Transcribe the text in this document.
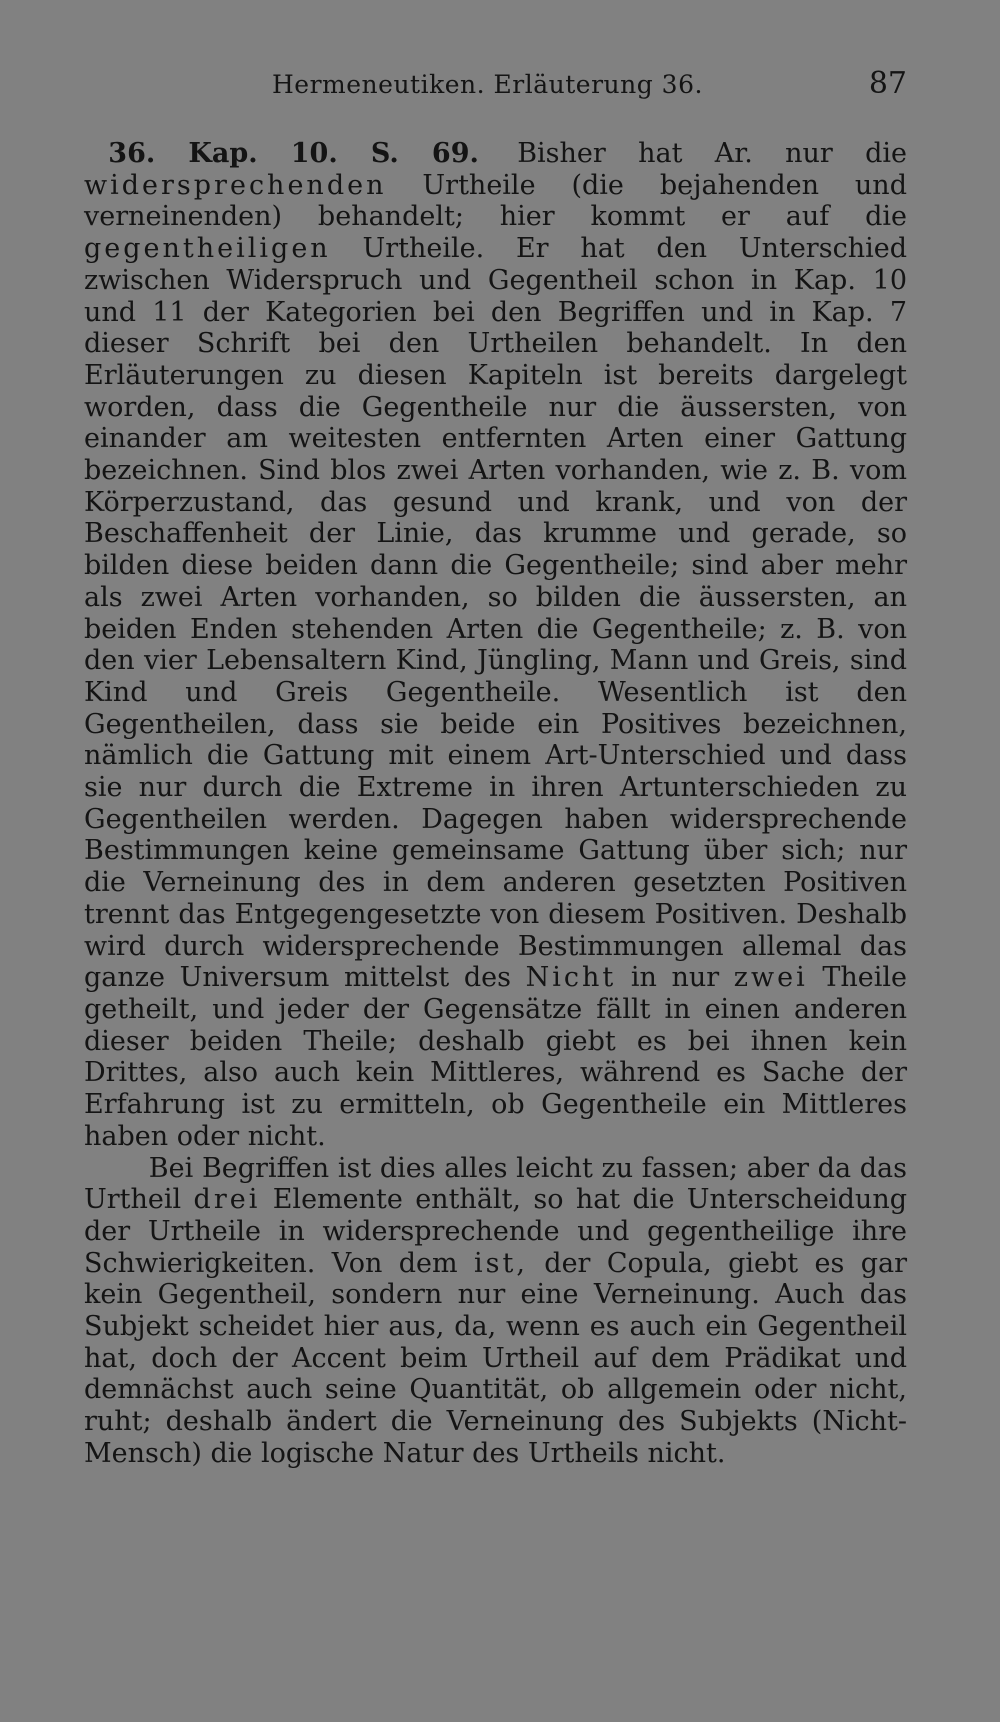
Hermeneutiken. Erläuterung 36.	87

36. Kap. 10. S. 69. Bisher hat Ar. nur die widersprechenden Urtheile (die bejahenden und verneinenden) behandelt; hier kommt er auf die gegentheiligen Urtheile. Er hat den Unterschied zwischen Widerspruch und Gegentheil schon in Kap. 10 und 11 der Kategorien bei den Begriffen und in Kap. 7 dieser Schrift bei den Urtheilen behandelt. In den Erläuterungen zu diesen Kapiteln ist bereits dargelegt worden, dass die Gegentheile nur die äussersten, von einander am weitesten entfernten Arten einer Gattung bezeichnen. Sind blos zwei Arten vorhanden, wie z. B. vom Körperzustand, das gesund und krank, und von der Beschaffenheit der Linie, das krumme und gerade, so bilden diese beiden dann die Gegentheile; sind aber mehr als zwei Arten vorhanden, so bilden die äussersten, an beiden Enden stehenden Arten die Gegentheile; z. B. von den vier Lebensaltern Kind, Jüngling, Mann und Greis, sind Kind und Greis Gegentheile. Wesentlich ist den Gegentheilen, dass sie beide ein Positives bezeichnen, nämlich die Gattung mit einem Art-Unterschied und dass sie nur durch die Extreme in ihren Artunterschieden zu Gegentheilen werden. Dagegen haben widersprechende Bestimmungen keine gemeinsame Gattung über sich; nur die Verneinung des in dem anderen gesetzten Positiven trennt das Entgegengesetzte von diesem Positiven. Deshalb wird durch widersprechende Bestimmungen allemal das ganze Universum mittelst des Nicht in nur zwei Theile getheilt, und jeder der Gegensätze fällt in einen anderen dieser beiden Theile; deshalb giebt es bei ihnen kein Drittes, also auch kein Mittleres, während es Sache der Erfahrung ist zu ermitteln, ob Gegentheile ein Mittleres haben oder nicht.

Bei Begriffen ist dies alles leicht zu fassen; aber da das Urtheil drei Elemente enthält, so hat die Unterscheidung der Urtheile in widersprechende und gegentheilige ihre Schwierigkeiten. Von dem ist, der Copula, giebt es gar kein Gegentheil, sondern nur eine Verneinung. Auch das Subjekt scheidet hier aus, da, wenn es auch ein Gegentheil hat, doch der Accent beim Urtheil auf dem Prädikat und demnächst auch seine Quantität, ob allgemein oder nicht, ruht; deshalb ändert die Verneinung des Subjekts (Nicht-Mensch) die logische Natur des Urtheils nicht.
